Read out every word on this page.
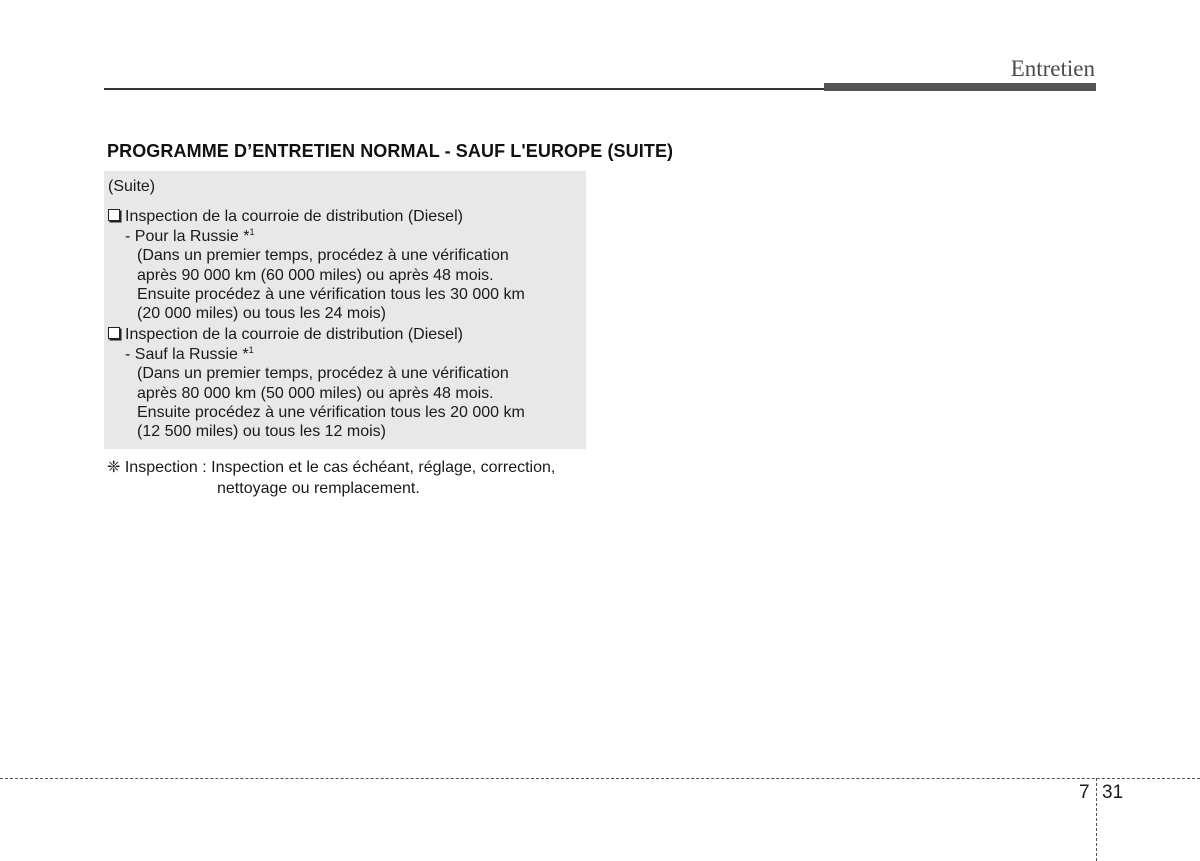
Entretien
PROGRAMME D’ENTRETIEN NORMAL - SAUF L'EUROPE (SUITE)
(Suite)
Inspection de la courroie de distribution (Diesel)
- Pour la Russie *$^1$
(Dans un premier temps, procédez à une vérification
après 90 000 km (60 000 miles) ou après 48 mois.
Ensuite procédez à une vérification tous les 30 000 km
(20 000 miles) ou tous les 24 mois)
Inspection de la courroie de distribution (Diesel)
- Sauf la Russie *$^1$
(Dans un premier temps, procédez à une vérification
après 80 000 km (50 000 miles) ou après 48 mois.
Ensuite procédez à une vérification tous les 20 000 km
(12 500 miles) ou tous les 12 mois)
❈ Inspection : Inspection et le cas échéant, réglage, correction,
nettoyage ou remplacement.
7 31
